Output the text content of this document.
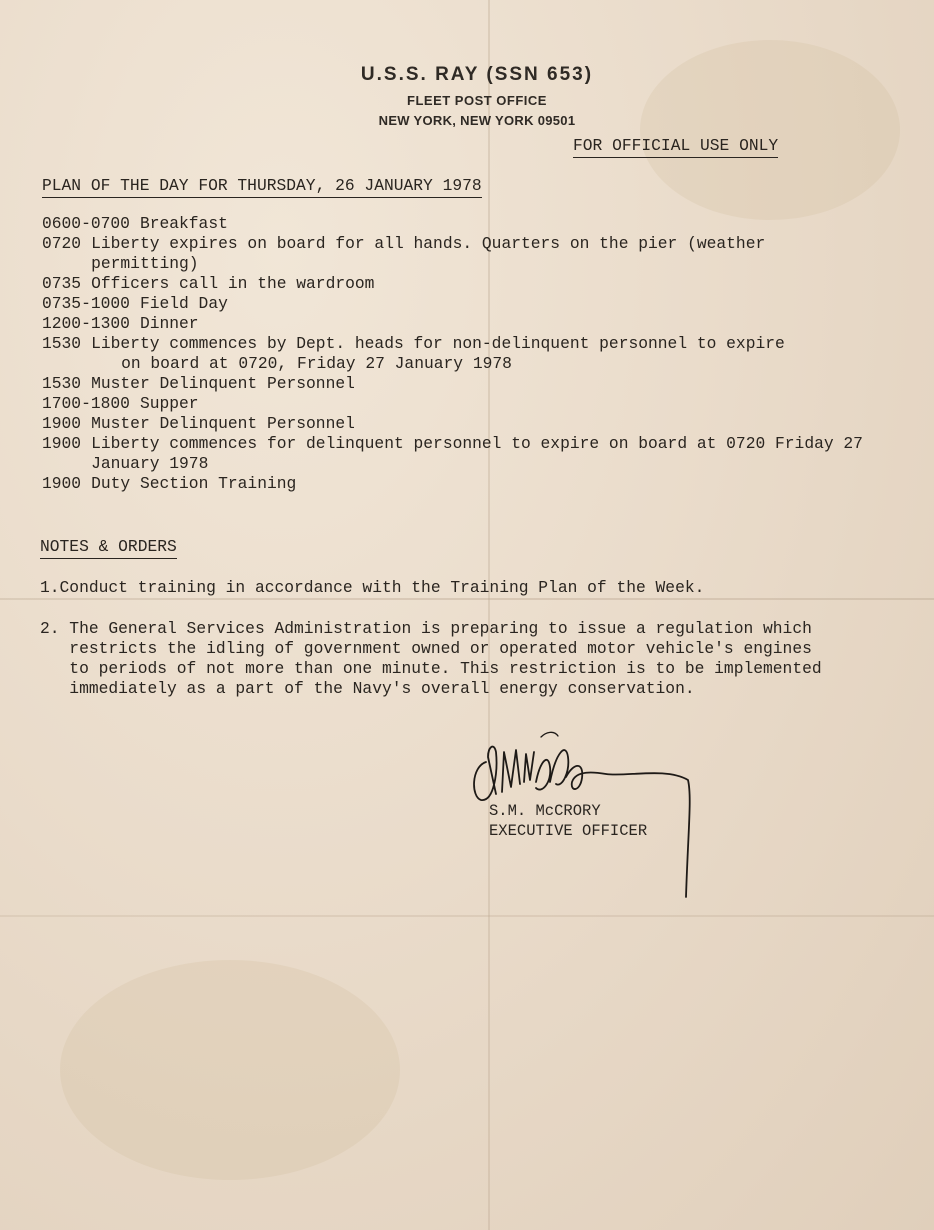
U.S.S. RAY (SSN 653)
FLEET POST OFFICE
NEW YORK, NEW YORK 09501
FOR OFFICIAL USE ONLY
PLAN OF THE DAY FOR THURSDAY, 26 JANUARY 1978
0600-0700 Breakfast
0720 Liberty expires on board for all hands. Quarters on the pier (weather
permitting)
0735 Officers call in the wardroom
0735-1000 Field Day
1200-1300 Dinner
1530 Liberty commences by Dept. heads for non-delinquent personnel to expire
on board at 0720, Friday 27 January 1978
1530 Muster Delinquent Personnel
1700-1800 Supper
1900 Muster Delinquent Personnel
1900 Liberty commences for delinquent personnel to expire on board at 0720 Friday 27
January 1978
1900 Duty Section Training
NOTES & ORDERS
1.Conduct training in accordance with the Training Plan of the Week.
2. The General Services Administration is preparing to issue a regulation which
restricts the idling of government owned or operated motor vehicle's engines
to periods of not more than one minute. This restriction is to be implemented
immediately as a part of the Navy's overall energy conservation.
S.M. McCRORY
EXECUTIVE OFFICER
